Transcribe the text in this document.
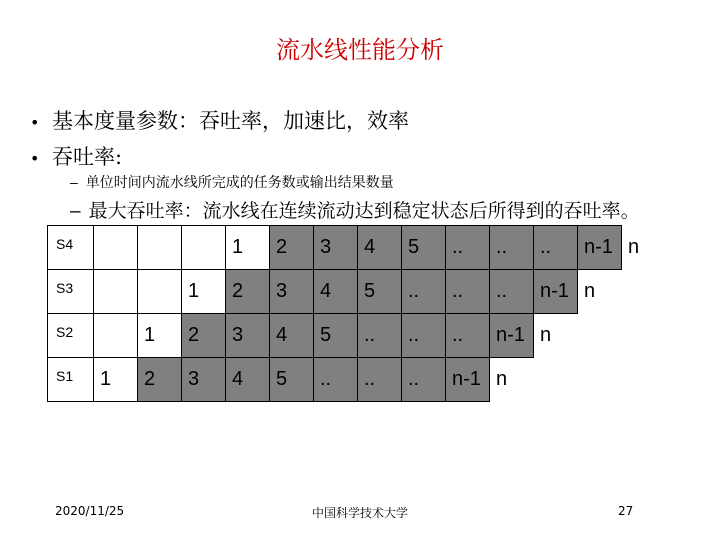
流水线性能分析
• 基本度量参数：吞吐率，加速比，效率
• 吞吐率:
– 单位时间内流水线所完成的任务数或输出结果数量
– 最大吞吐率：流水线在连续流动达到稳定状态后所得到的吞吐率。
S4				1	2	3	4	5	..	..	..	n-1	n
S3			1	2	3	4	5	..	..	..	n-1	n	
S2		1	2	3	4	5	..	..	..	n-1	n		
S1	1	2	3	4	5	..	..	..	n-1	n			
2020/11/25	中国科学技术大学	27
